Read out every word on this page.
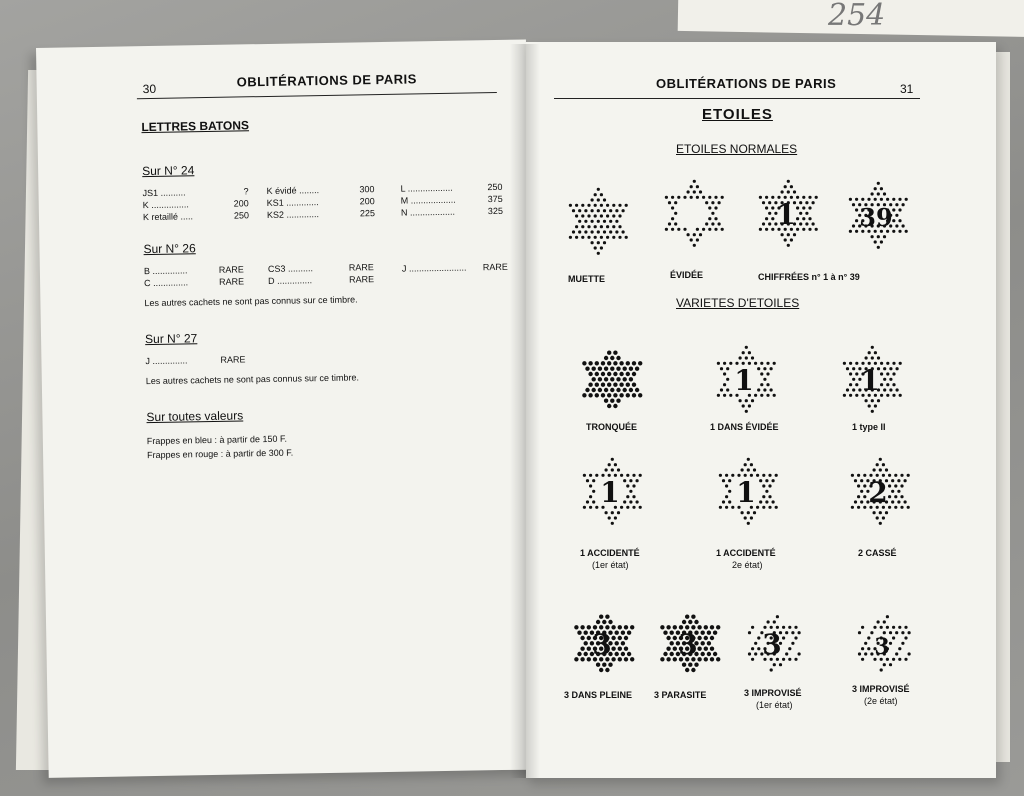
254
30	OBLITÉRATIONS DE PARIS
LETTRES BATONS
Sur N° 24
JS1 ..........	?
K ...............	200
K retaillé .....	250
K évidé ........	300
KS1 .............	200
KS2 .............	225
L ..................	250
M ..................	375
N ..................	325
Sur N° 26
B ..............	RARE
C ..............	RARE
CS3 ..........	RARE
D ..............	RARE
J .......................	RARE
Les autres cachets ne sont pas connus sur ce timbre.
Sur N° 27
J ..............	RARE
Les autres cachets ne sont pas connus sur ce timbre.
Sur toutes valeurs
Frappes en bleu : à partir de 150 F.
Frappes en rouge : à partir de 300 F.
OBLITÉRATIONS DE PARIS	31
ETOILES
ETOILES NORMALES
1	39
MUETTE	ÉVIDÉE	CHIFFRÉES n° 1 à n° 39
VARIETES D'ETOILES
1	1
TRONQUÉE	1 DANS ÉVIDÉE	1 type II
1	1	2
1 ACCIDENTÉ
(1er état)
1 ACCIDENTÉ
2e état)
2 CASSÉ
3 3 3	3
3 DANS PLEINE 3 PARASITE	3 IMPROVISÉ
(1er état)
3 IMPROVISÉ
(2e état)
